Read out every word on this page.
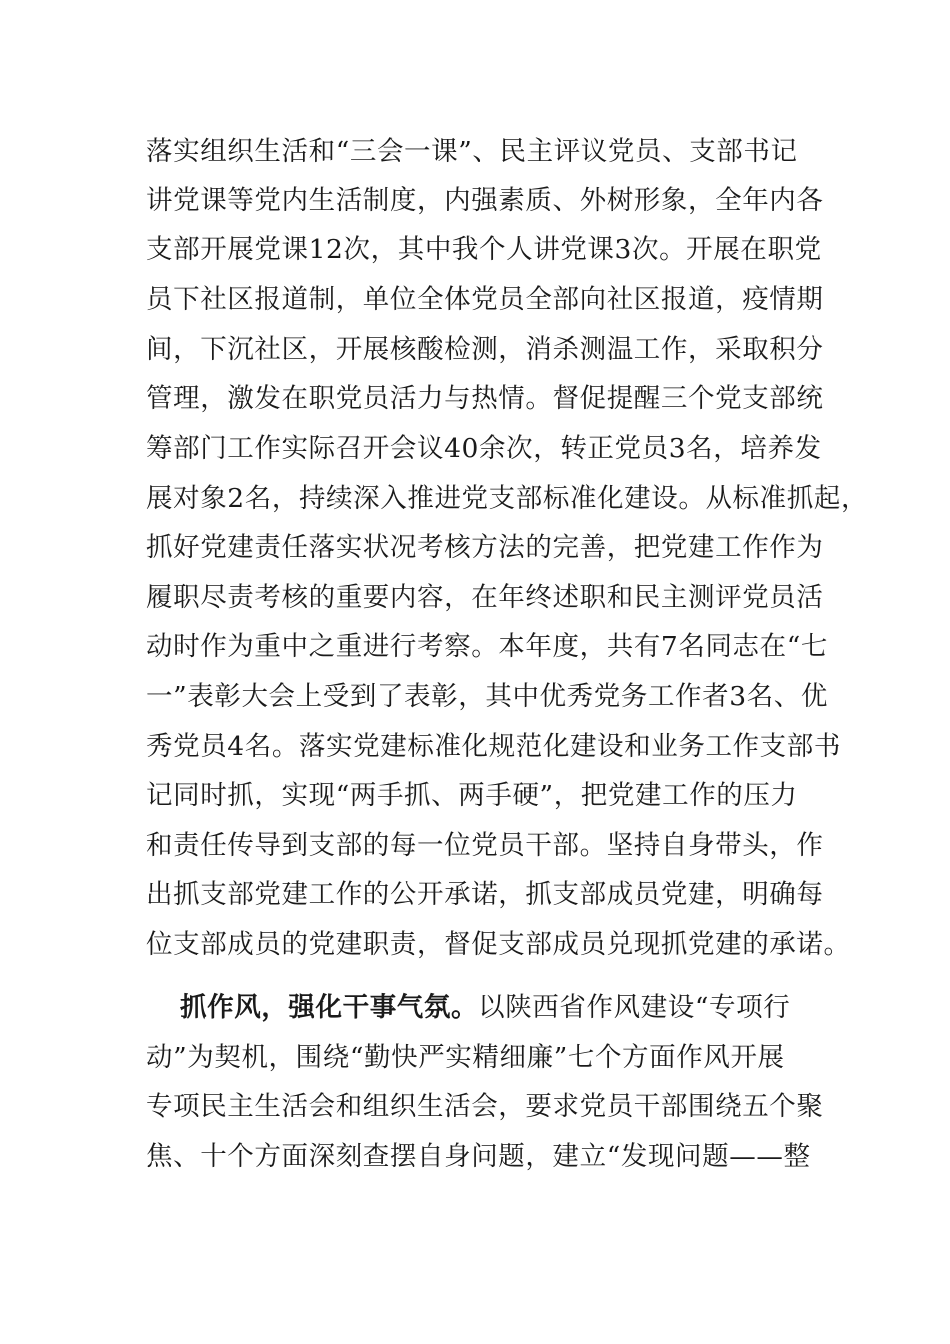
落实组织生活和“三会一课”、民主评议党员、支部书记
讲党课等党内生活制度，内强素质、外树形象，全年内各
支部开展党课12次，其中我个人讲党课3次。开展在职党
员下社区报道制，单位全体党员全部向社区报道，疫情期
间，下沉社区，开展核酸检测，消杀测温工作，采取积分
管理，激发在职党员活力与热情。督促提醒三个党支部统
筹部门工作实际召开会议40余次，转正党员3名，培养发
展对象2名，持续深入推进党支部标准化建设。从标准抓起，
抓好党建责任落实状况考核方法的完善，把党建工作作为
履职尽责考核的重要内容，在年终述职和民主测评党员活
动时作为重中之重进行考察。本年度，共有7名同志在“七
一”表彰大会上受到了表彰，其中优秀党务工作者3名、优
秀党员4名。落实党建标准化规范化建设和业务工作支部书
记同时抓，实现“两手抓、两手硬”，把党建工作的压力
和责任传导到支部的每一位党员干部。坚持自身带头，作
出抓支部党建工作的公开承诺，抓支部成员党建，明确每
位支部成员的党建职责，督促支部成员兑现抓党建的承诺。
抓作风，强化干事气氛。以陕西省作风建设“专项行
动”为契机，围绕“勤快严实精细廉”七个方面作风开展
专项民主生活会和组织生活会，要求党员干部围绕五个聚
焦、十个方面深刻查摆自身问题，建立“发现问题——整
